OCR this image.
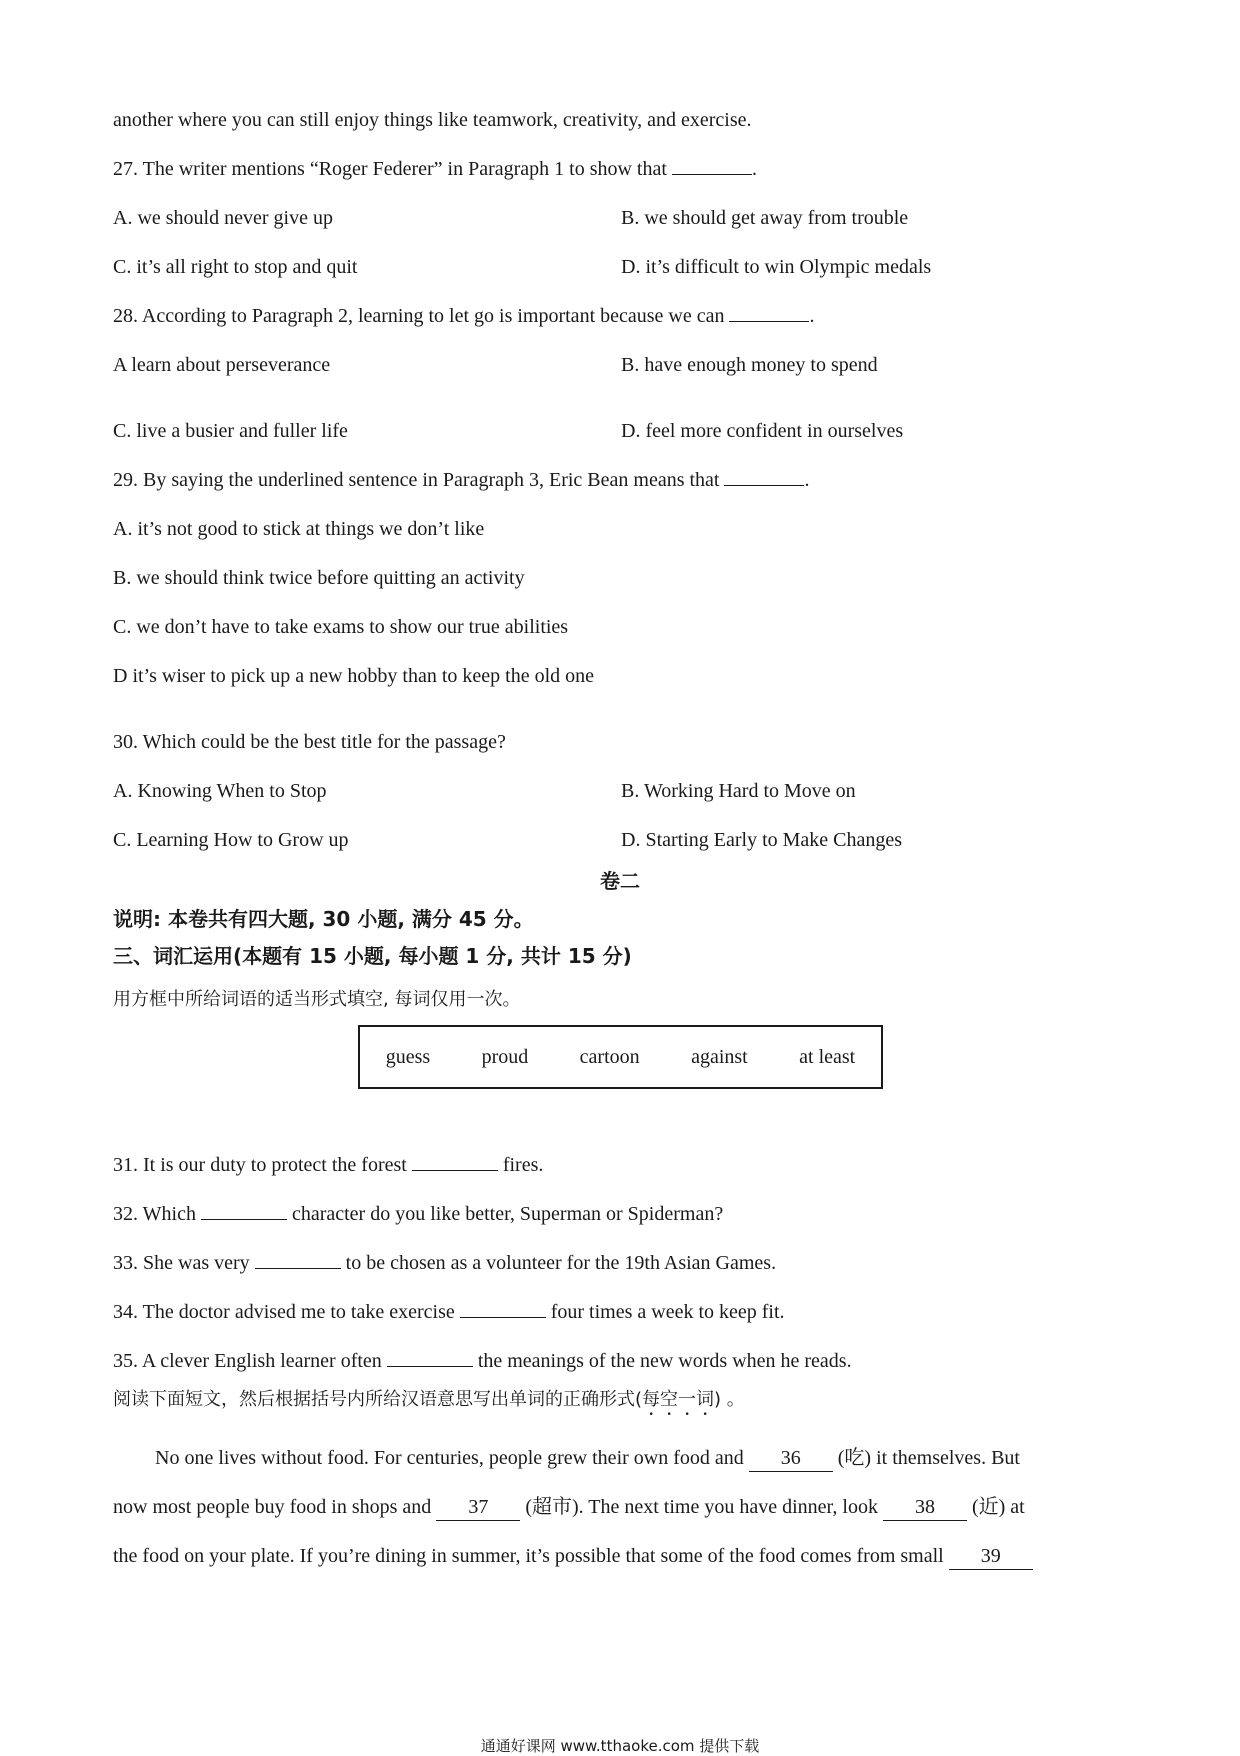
another where you can still enjoy things like teamwork, creativity, and exercise.
27. The writer mentions “Roger Federer” in Paragraph 1 to show that	.
A. we should never give up	B. we should get away from trouble
C. it’s all right to stop and quit	D. it’s difficult to win Olympic medals
28. According to Paragraph 2, learning to let go is important because we can	.
A learn about perseverance	B. have enough money to spend
C. live a busier and fuller life	D. feel more confident in ourselves
29. By saying the underlined sentence in Paragraph 3, Eric Bean means that	.
A. it’s not good to stick at things we don’t like
B. we should think twice before quitting an activity
C. we don’t have to take exams to show our true abilities
D it’s wiser to pick up a new hobby than to keep the old one
30. Which could be the best title for the passage?
A. Knowing When to Stop	B. Working Hard to Move on
C. Learning How to Grow up	D. Starting Early to Make Changes
卷二
说明: 本卷共有四大题, 30 小题, 满分 45 分。
三、词汇运用(本题有 15 小题, 每小题 1 分, 共计 15 分)
用方框中所给词语的适当形式填空, 每词仅用一次。
guess	proud	cartoon	against	at least
31. It is our duty to protect the forest	fires.
32. Which	character do you like better, Superman or Spiderman?
33. She was very	to be chosen as a volunteer for the 19th Asian Games.
34. The doctor advised me to take exercise	four times a week to keep fit.
35. A clever English learner often	the meanings of the new words when he reads.
阅读下面短文，然后根据括号内所给汉语意思写出单词的正确形式(每空一词) 。
No one lives without food. For centuries, people grew their own food and 36 (吃) it themselves. But
now most people buy food in shops and 37 (超市). The next time you have dinner, look 38 (近) at
the food on your plate. If you’re dining in summer, it’s possible that some of the food comes from small 39
通通好课网 www.tthaoke.com 提供下载
